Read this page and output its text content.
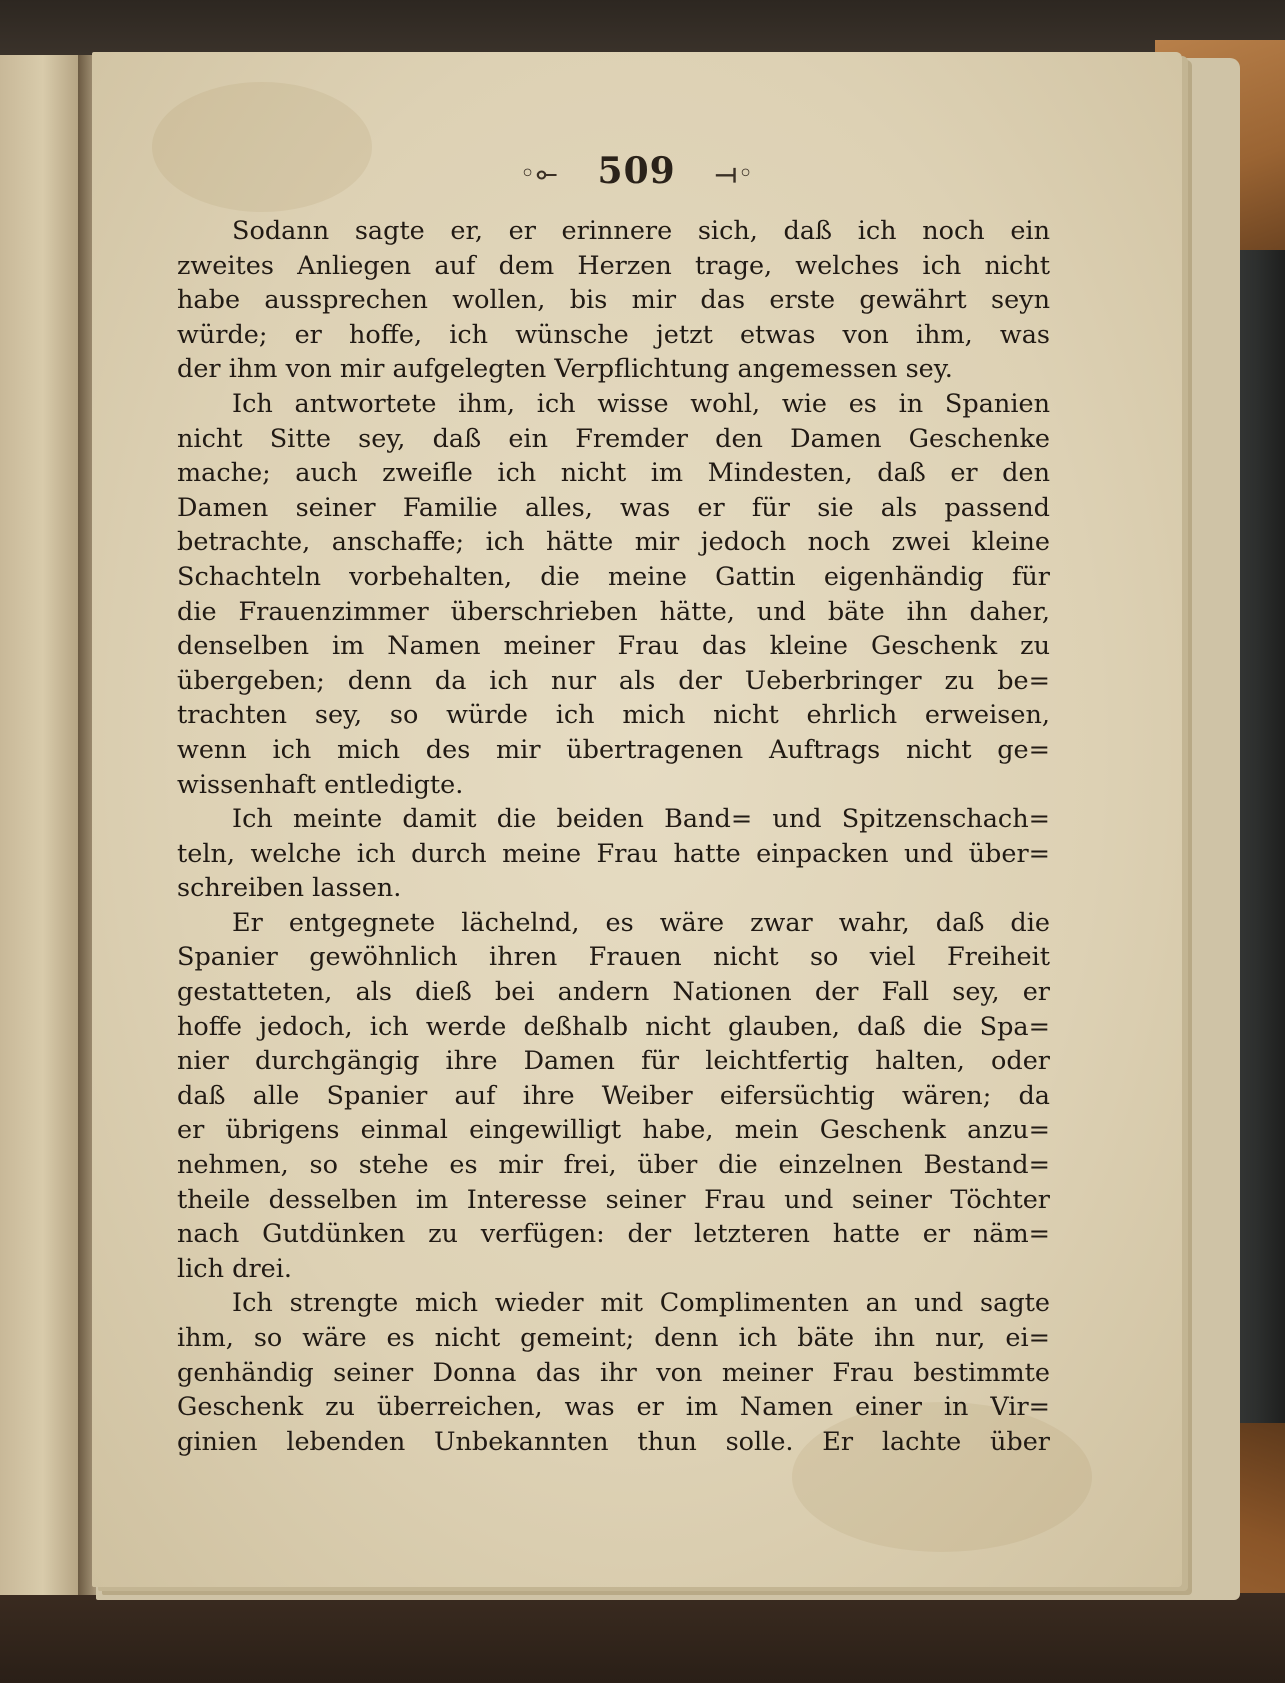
◦⟜ 509 ⟞◦
Sodann sagte er, er erinnere sich, daß ich noch ein
zweites Anliegen auf dem Herzen trage, welches ich nicht
habe aussprechen wollen, bis mir das erste gewährt seyn
würde; er hoffe, ich wünsche jetzt etwas von ihm, was
der ihm von mir aufgelegten Verpflichtung angemessen sey.
Ich antwortete ihm, ich wisse wohl, wie es in Spanien
nicht Sitte sey, daß ein Fremder den Damen Geschenke
mache; auch zweifle ich nicht im Mindesten, daß er den
Damen seiner Familie alles, was er für sie als passend
betrachte, anschaffe; ich hätte mir jedoch noch zwei kleine
Schachteln vorbehalten, die meine Gattin eigenhändig für
die Frauenzimmer überschrieben hätte, und bäte ihn daher,
denselben im Namen meiner Frau das kleine Geschenk zu
übergeben; denn da ich nur als der Ueberbringer zu be=
trachten sey, so würde ich mich nicht ehrlich erweisen,
wenn ich mich des mir übertragenen Auftrags nicht ge=
wissenhaft entledigte.
Ich meinte damit die beiden Band= und Spitzenschach=
teln, welche ich durch meine Frau hatte einpacken und über=
schreiben lassen.
Er entgegnete lächelnd, es wäre zwar wahr, daß die
Spanier gewöhnlich ihren Frauen nicht so viel Freiheit
gestatteten, als dieß bei andern Nationen der Fall sey, er
hoffe jedoch, ich werde deßhalb nicht glauben, daß die Spa=
nier durchgängig ihre Damen für leichtfertig halten, oder
daß alle Spanier auf ihre Weiber eifersüchtig wären; da
er übrigens einmal eingewilligt habe, mein Geschenk anzu=
nehmen, so stehe es mir frei, über die einzelnen Bestand=
theile desselben im Interesse seiner Frau und seiner Töchter
nach Gutdünken zu verfügen: der letzteren hatte er näm=
lich drei.
Ich strengte mich wieder mit Complimenten an und sagte
ihm, so wäre es nicht gemeint; denn ich bäte ihn nur, ei=
genhändig seiner Donna das ihr von meiner Frau bestimmte
Geschenk zu überreichen, was er im Namen einer in Vir=
ginien lebenden Unbekannten thun solle. Er lachte über
